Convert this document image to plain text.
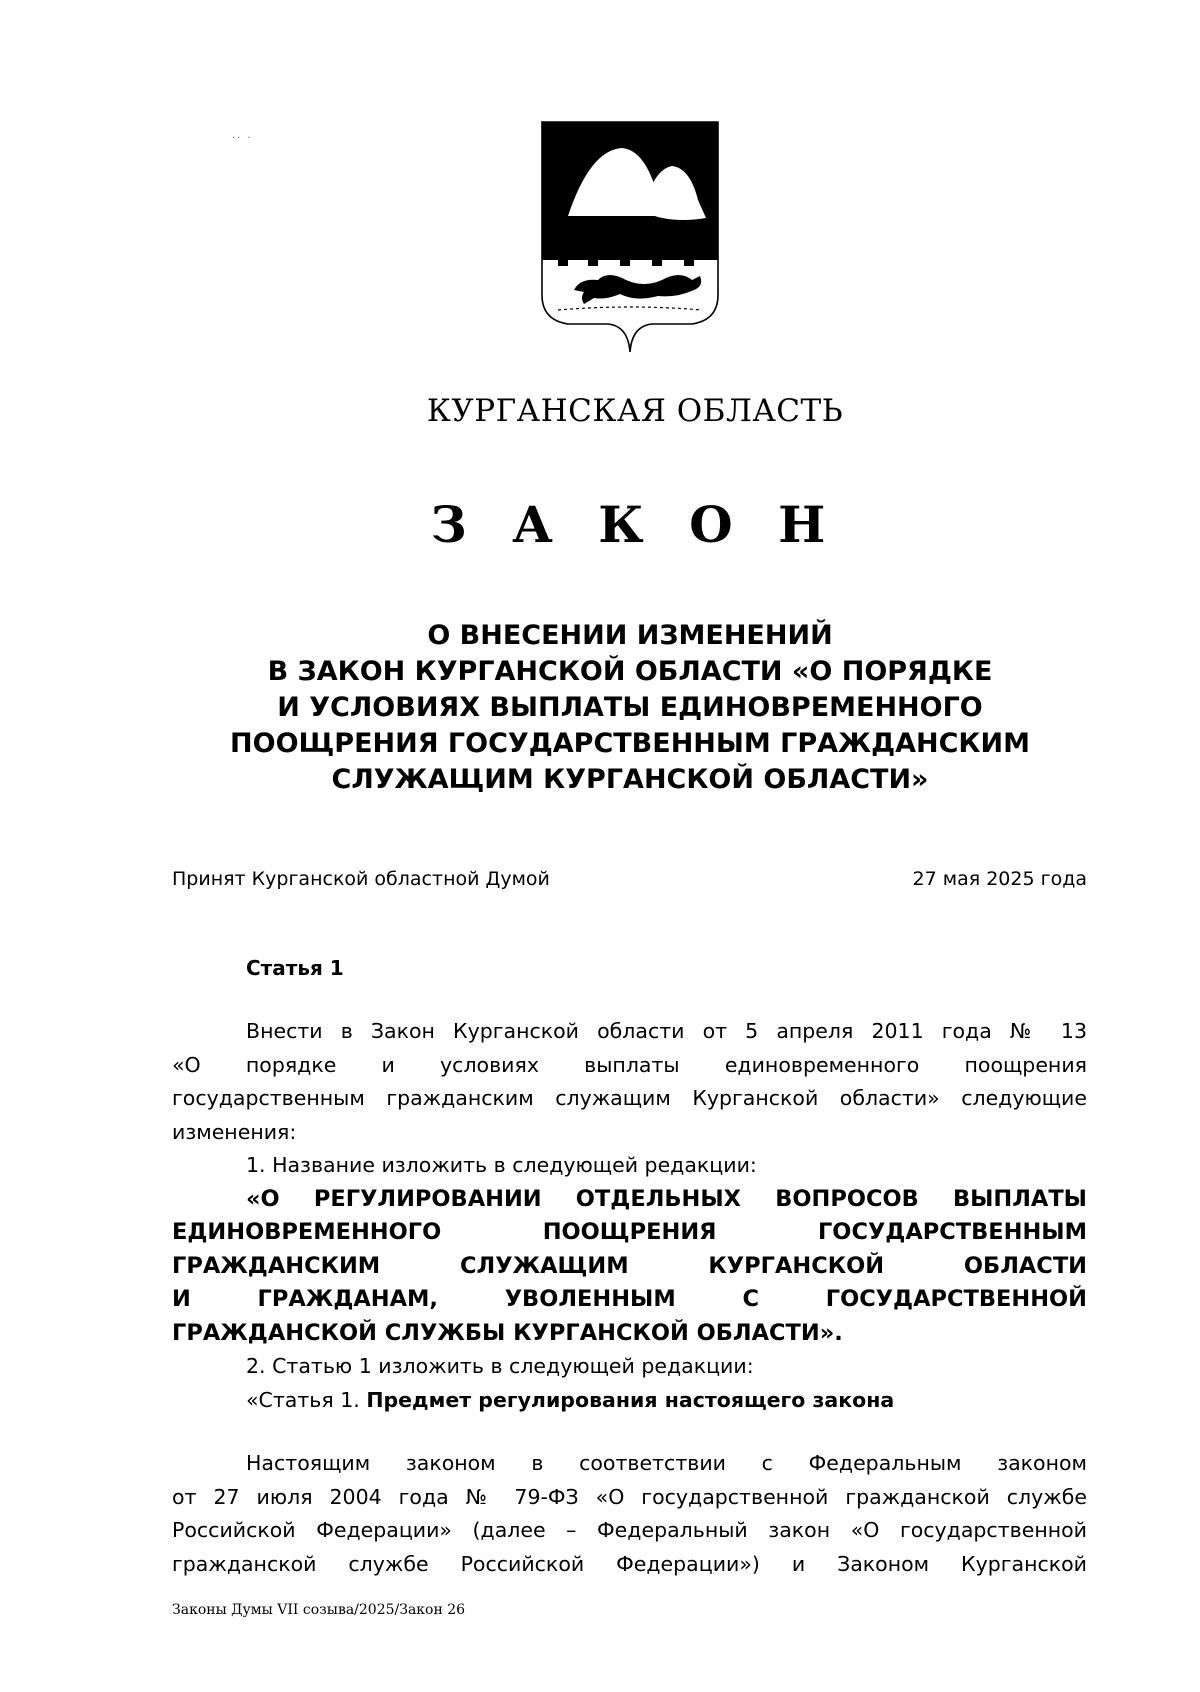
·‧ ·
КУРГАНСКАЯ ОБЛАСТЬ
З А К О Н
О ВНЕСЕНИИ ИЗМЕНЕНИЙ
В ЗАКОН КУРГАНСКОЙ ОБЛАСТИ «О ПОРЯДКЕ
И УСЛОВИЯХ ВЫПЛАТЫ ЕДИНОВРЕМЕННОГО
ПООЩРЕНИЯ ГОСУДАРСТВЕННЫМ ГРАЖДАНСКИМ
СЛУЖАЩИМ КУРГАНСКОЙ ОБЛАСТИ»
Принят Курганской областной Думой	27 мая 2025 года
Статья 1
Внести в Закон Курганской области от 5 апреля 2011 года № 13
«О порядке и условиях выплаты единовременного поощрения
государственным гражданским служащим Курганской области» следующие
изменения:
1. Название изложить в следующей редакции:
«О РЕГУЛИРОВАНИИ ОТДЕЛЬНЫХ ВОПРОСОВ ВЫПЛАТЫ
ЕДИНОВРЕМЕННОГО ПООЩРЕНИЯ ГОСУДАРСТВЕННЫМ
ГРАЖДАНСКИМ СЛУЖАЩИМ КУРГАНСКОЙ ОБЛАСТИ
И ГРАЖДАНАМ, УВОЛЕННЫМ С ГОСУДАРСТВЕННОЙ
ГРАЖДАНСКОЙ СЛУЖБЫ КУРГАНСКОЙ ОБЛАСТИ».
2. Статью 1 изложить в следующей редакции:
«Статья 1. Предмет регулирования настоящего закона
Настоящим законом в соответствии с Федеральным законом
от 27 июля 2004 года № 79-ФЗ «О государственной гражданской службе
Российской Федерации» (далее – Федеральный закон «О государственной
гражданской службе Российской Федерации») и Законом Курганской
Законы Думы VII созыва/2025/Закон 26
